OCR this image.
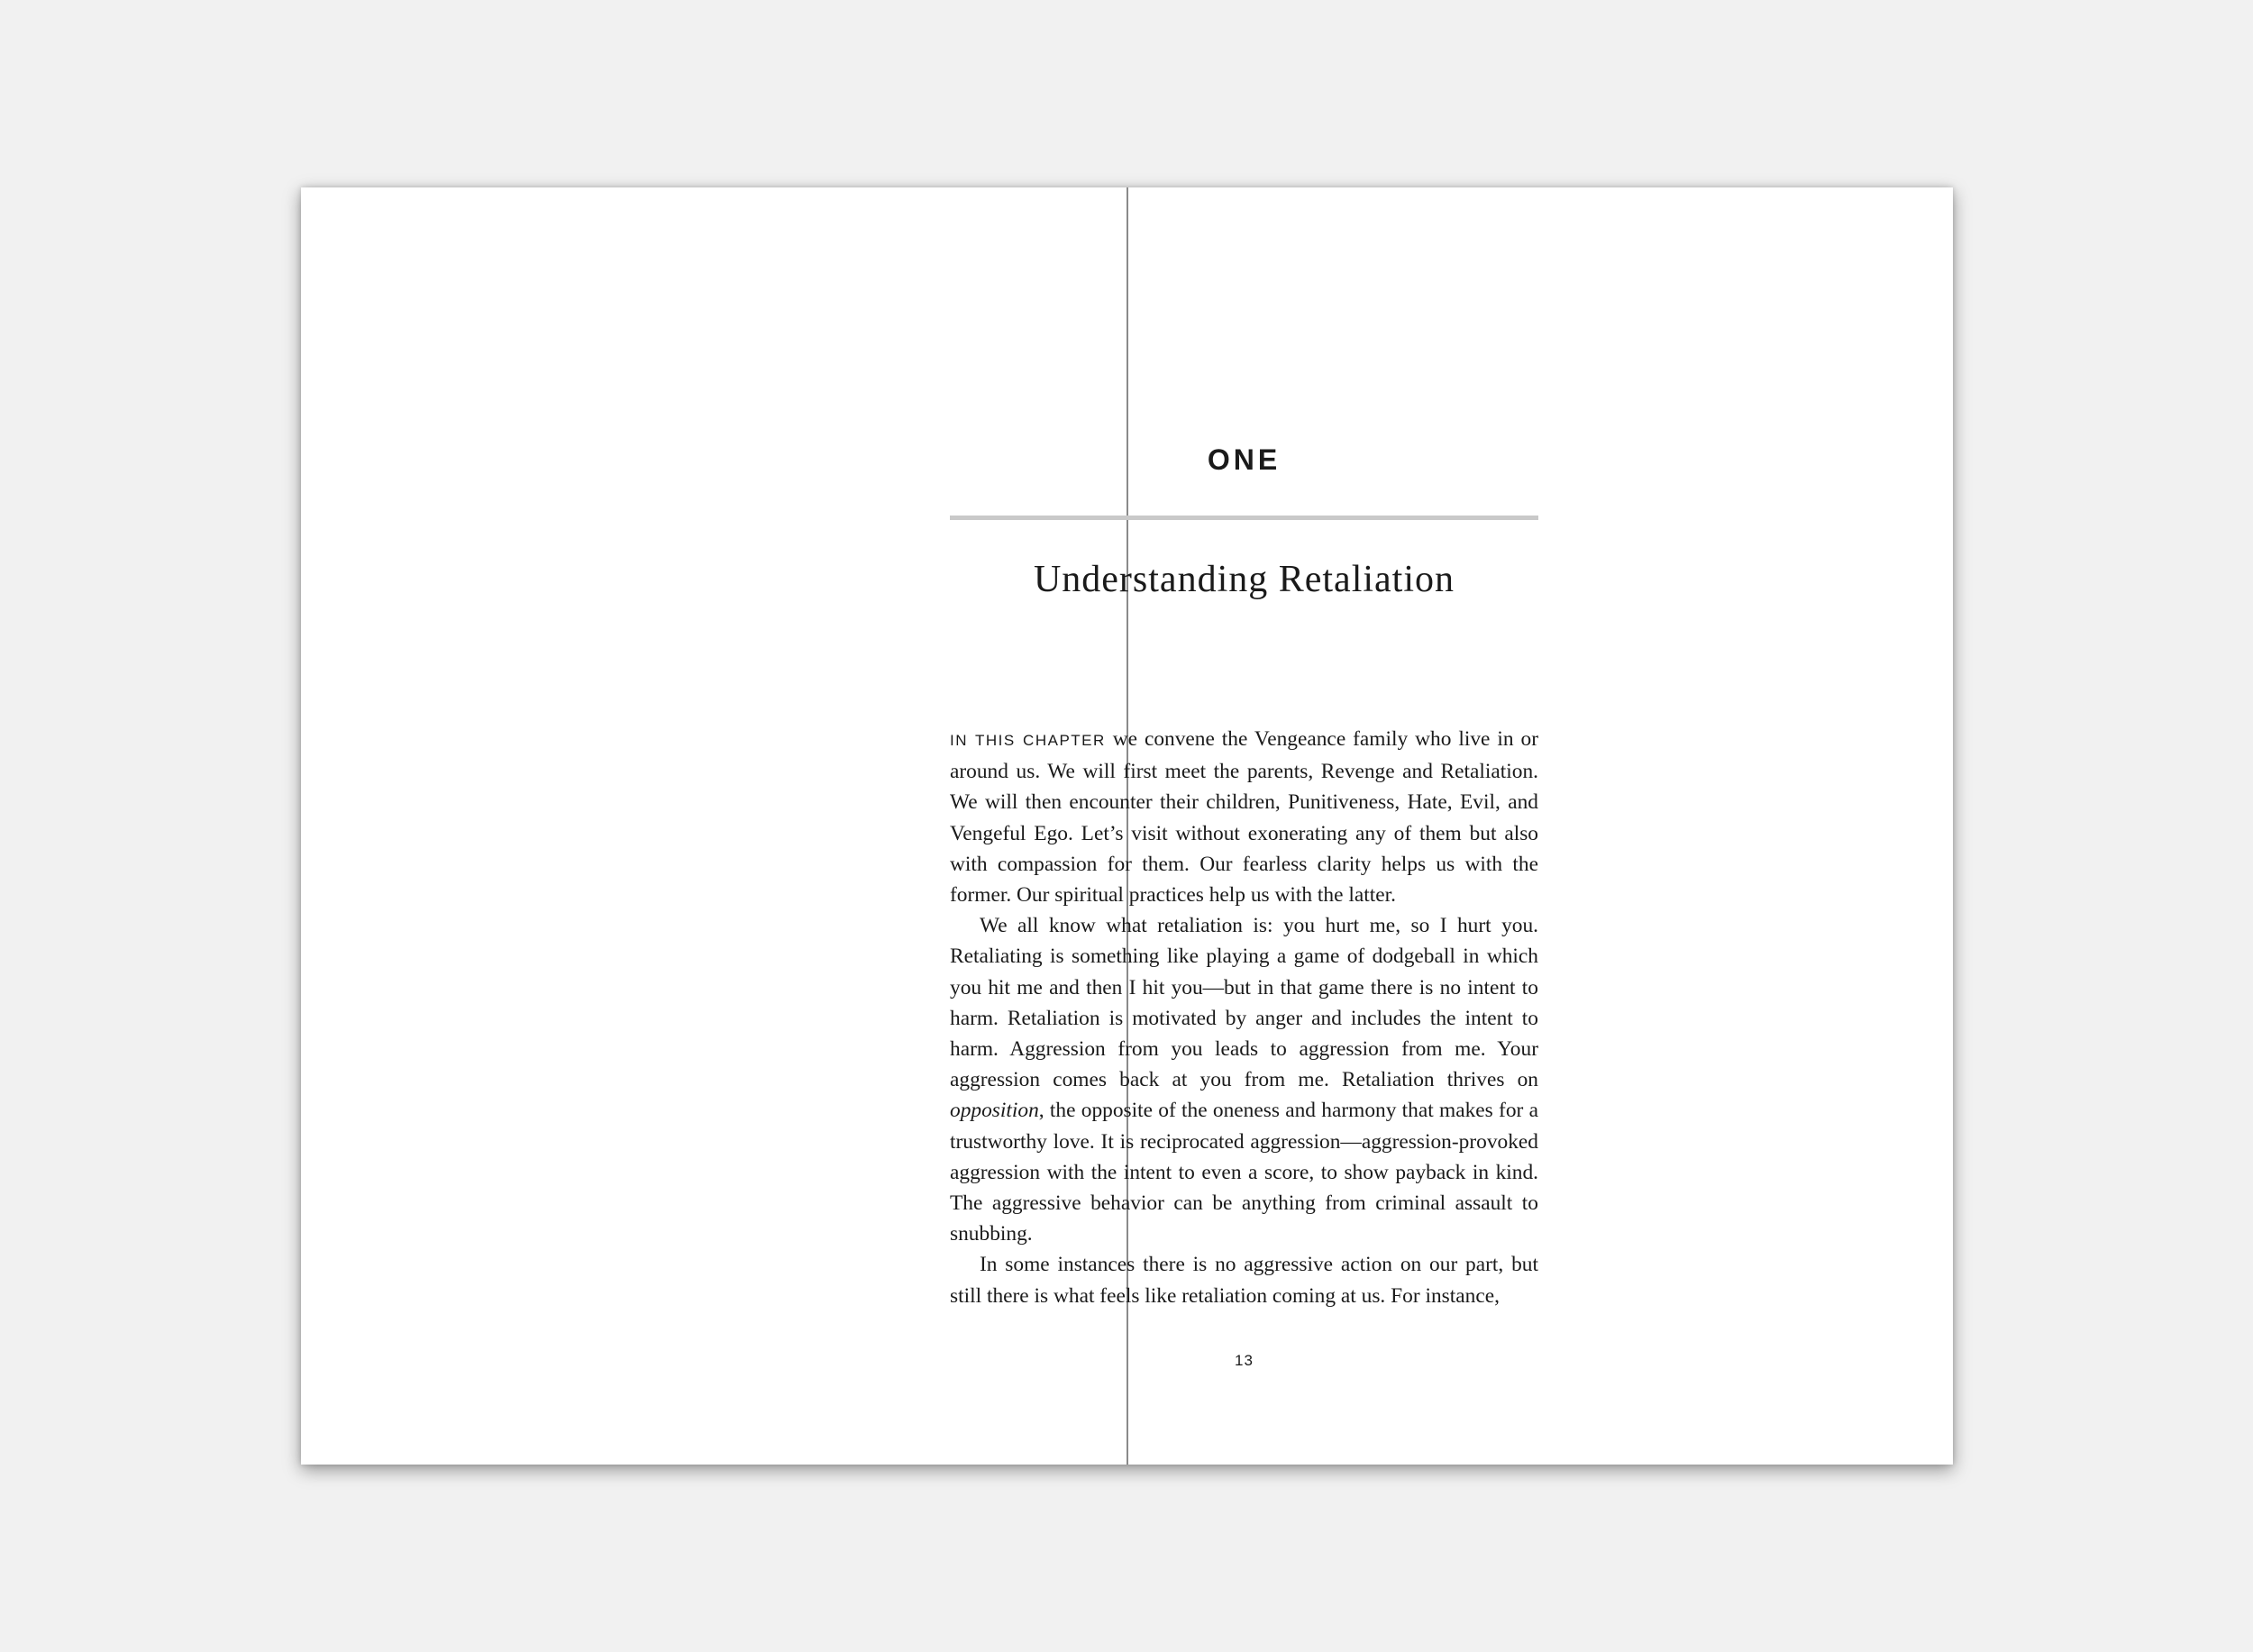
ONE
Understanding Retaliation

IN THIS CHAPTER we convene the Vengeance family who live in or around us. We will first meet the parents, Revenge and Retaliation. We will then encounter their children, Punitiveness, Hate, Evil, and Vengeful Ego. Let’s visit without exonerating any of them but also with compassion for them. Our fearless clarity helps us with the former. Our spiritual practices help us with the latter.

We all know what retaliation is: you hurt me, so I hurt you. Retaliating is something like playing a game of dodgeball in which you hit me and then I hit you—but in that game there is no intent to harm. Retaliation is motivated by anger and includes the intent to harm. Aggression from you leads to aggression from me. Your aggression comes back at you from me. Retaliation thrives on opposition, the opposite of the oneness and harmony that makes for a trustworthy love. It is reciprocated aggression—aggression-provoked aggression with the intent to even a score, to show payback in kind. The aggressive behavior can be anything from criminal assault to snubbing.

In some instances there is no aggressive action on our part, but still there is what feels like retaliation coming at us. For instance,

13
